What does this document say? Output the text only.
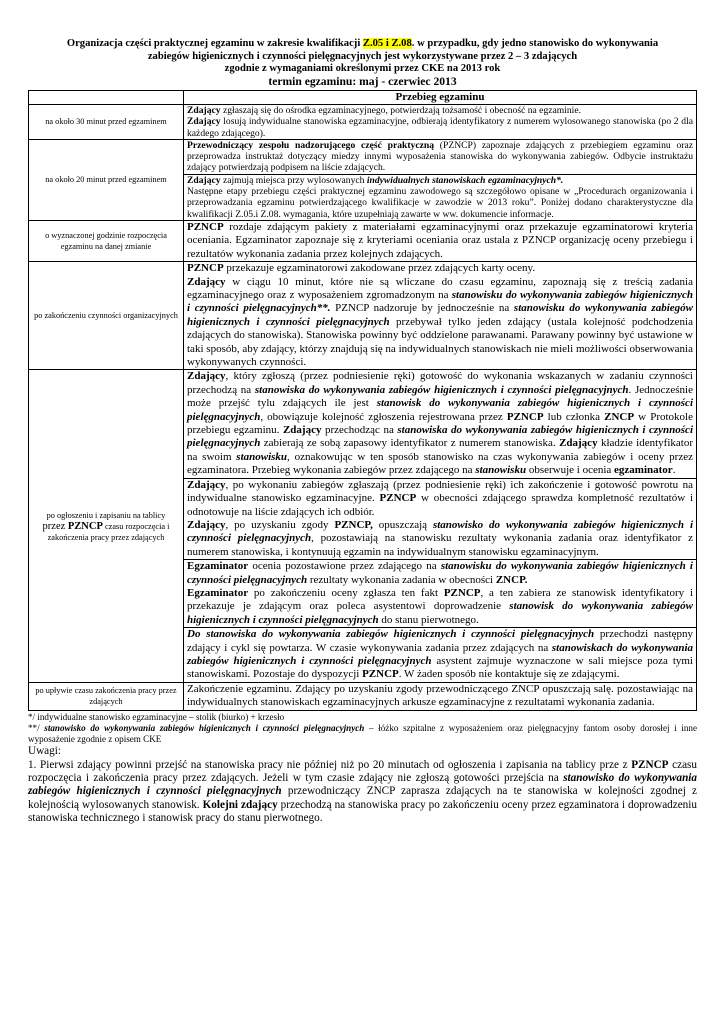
Organizacja części praktycznej egzaminu w zakresie kwalifikacji Z.05 i Z.08. w przypadku, gdy jedno stanowisko do wykonywania
zabiegów higienicznych i czynności pielęgnacyjnych jest wykorzystywane przez 2 – 3 zdających
zgodnie z wymaganiami określonymi przez CKE na 2013 rok
termin egzaminu: maj - czerwiec 2013
	Przebieg egzaminu
na około 30 minut przed egzaminem	Zdający zgłaszają się do ośrodka egzaminacyjnego, potwierdzają tożsamość i obecność na egzaminie.
Zdający losują indywidualne stanowiska egzaminacyjne, odbierają identyfikatory z numerem wylosowanego stanowiska (po 2 dla każdego zdającego).

na około 20 minut przed egzaminem	Przewodniczący zespołu nadzorującego część praktyczną (PZNCP) zapoznaje zdających z przebiegiem egzaminu oraz przeprowadza instruktaż dotyczący miedzy innymi wyposażenia stanowiska do wykonywania zabiegów. Odbycie instruktażu zdający potwierdzają podpisem na liście zdających.

	Zdający zajmują miejsca przy wylosowanych indywidualnych stanowiskach egzaminacyjnych*.
Następne etapy przebiegu części praktycznej egzaminu zawodowego są szczegółowo opisane w „Procedurach organizowania i przeprowadzania egzaminu potwierdzającego kwalifikacje w zawodzie w 2013 roku”. Poniżej dodano charakterystyczne dla kwalifikacji Z.05.i Z.08. wymagania, które uzupełniają zawarte w ww. dokumencie informacje.

o wyznaczonej godzinie rozpoczęcia egzaminu na danej zmianie	PZNCP rozdaje zdającym pakiety z materiałami egzaminacyjnymi oraz przekazuje egzaminatorowi kryteria oceniania. Egzaminator zapoznaje się z kryteriami oceniania oraz ustala z PZNCP organizację oceny przebiegu i rezultatów wykonania zadania przez kolejnych zdających.

po zakończeniu czynności organizacyjnych	PZNCP przekazuje egzaminatorowi zakodowane przez zdających karty oceny.
Zdający w ciągu 10 minut, które nie są wliczane do czasu egzaminu, zapoznają się z treścią zadania egzaminacyjnego oraz z wyposażeniem zgromadzonym na stanowisku do wykonywania zabiegów higienicznych i czynności pielęgnacyjnych**. PZNCP nadzoruje by jednocześnie na stanowisku do wykonywania zabiegów higienicznych i czynności pielęgnacyjnych przebywał tylko jeden zdający (ustala kolejność podchodzenia zdających do stanowiska). Stanowiska powinny być oddzielone parawanami. Parawany powinny być ustawione w taki sposób, aby zdający, którzy znajdują się na indywidualnych stanowiskach nie mieli możliwości obserwowania wykonywanych czynności.

po ogłoszeniu i zapisaniu na tablicy
przez PZNCP czasu rozpoczęcia i zakończenia pracy przez zdających	Zdający, który zgłoszą (przez podniesienie ręki) gotowość do wykonania wskazanych w zadaniu czynności przechodzą na stanowiska do wykonywania zabiegów higienicznych i czynności pielęgnacyjnych. Jednocześnie może przejść tylu zdających ile jest stanowisk do wykonywania zabiegów higienicznych i czynności pielęgnacyjnych, obowiązuje kolejność zgłoszenia rejestrowana przez PZNCP lub członka ZNCP w Protokole przebiegu egzaminu. Zdający przechodząc na stanowiska do wykonywania zabiegów higienicznych i czynności pielęgnacyjnych zabierają ze sobą zapasowy identyfikator z numerem stanowiska. Zdający kładzie identyfikator na swoim stanowisku, oznakowując w ten sposób stanowisko na czas wykonywania zabiegów i oceny przez egzaminatora. Przebieg wykonania zabiegów przez zdającego na stanowisku obserwuje i ocenia egzaminator.

	Zdający, po wykonaniu zabiegów zgłaszają (przez podniesienie ręki) ich zakończenie i gotowość powrotu na indywidualne stanowisko egzaminacyjne. PZNCP w obecności zdającego sprawdza kompletność rezultatów i odnotowuje na liście zdających ich odbiór.
Zdający, po uzyskaniu zgody PZNCP, opuszczają stanowisko do wykonywania zabiegów higienicznych i czynności pielęgnacyjnych, pozostawiają na stanowisku rezultaty wykonania zadania oraz identyfikator z numerem stanowiska, i kontynuują egzamin na indywidualnym stanowisku egzaminacyjnym.

	Egzaminator ocenia pozostawione przez zdającego na stanowisku do wykonywania zabiegów higienicznych i czynności pielęgnacyjnych rezultaty wykonania zadania w obecności ZNCP.
Egzaminator po zakończeniu oceny zgłasza ten fakt PZNCP, a ten zabiera ze stanowisk identyfikatory i przekazuje je zdającym oraz poleca asystentowi doprowadzenie stanowisk do wykonywania zabiegów higienicznych i czynności pielęgnacyjnych do stanu pierwotnego.

	Do stanowiska do wykonywania zabiegów higienicznych i czynności pielęgnacyjnych przechodzi następny zdający i cykl się powtarza. W czasie wykonywania zadania przez zdających na stanowiskach do wykonywania zabiegów higienicznych i czynności pielęgnacyjnych asystent zajmuje wyznaczone w sali miejsce poza tymi stanowiskami. Pozostaje do dyspozycji PZNCP. W żaden sposób nie kontaktuje się ze zdającymi.

po upływie czasu zakończenia pracy przez zdających	Zakończenie egzaminu. Zdający po uzyskaniu zgody przewodniczącego ZNCP opuszczają salę. pozostawiając na indywidualnych stanowiskach egzaminacyjnych arkusze egzaminacyjne z rezultatami wykonania zadania.
*/ indywidualne stanowisko egzaminacyjne – stolik (biurko) + krzesło
**/ stanowisko do wykonywania zabiegów higienicznych i czynności pielęgnacyjnych – łóżko szpitalne z wyposażeniem oraz pielęgnacyjny fantom osoby dorosłej i inne wyposażenie zgodnie z opisem CKE
Uwagi:
1. Pierwsi zdający powinni przejść na stanowiska pracy nie później niż po 20 minutach od ogłoszenia i zapisania na tablicy prze z PZNCP czasu rozpoczęcia i zakończenia pracy przez zdających. Jeżeli w tym czasie zdający nie zgłoszą gotowości przejścia na stanowisko do wykonywania zabiegów higienicznych i czynności pielęgnacyjnych przewodniczący ZNCP zaprasza zdających na te stanowiska w kolejności zgodnej z kolejnością wylosowanych stanowisk. Kolejni zdający przechodzą na stanowiska pracy po zakończeniu oceny przez egzaminatora i doprowadzeniu stanowiska technicznego i stanowisk pracy do stanu pierwotnego.
